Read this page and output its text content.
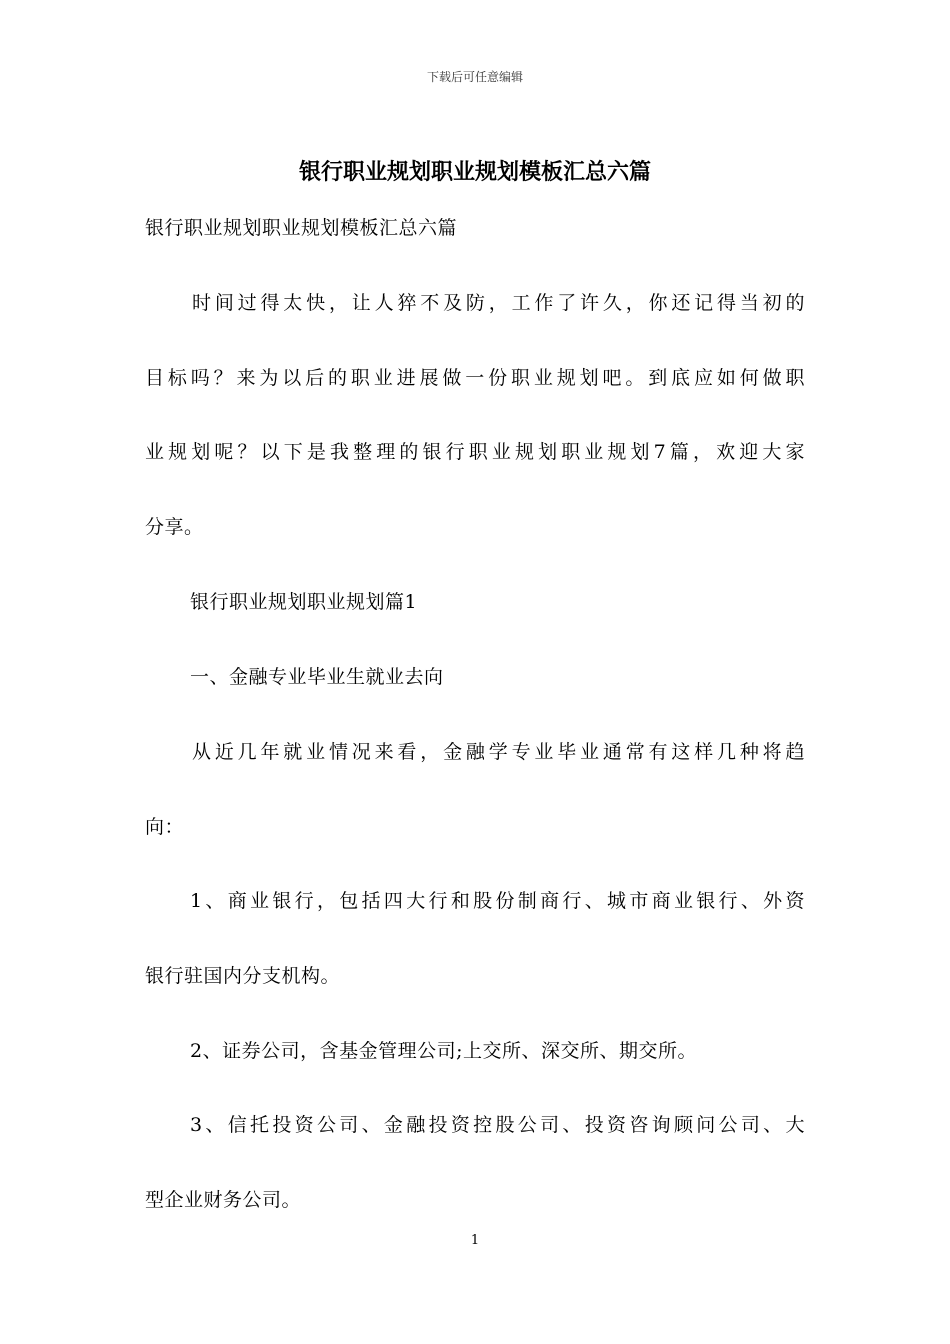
下载后可任意编辑
银行职业规划职业规划模板汇总六篇
银行职业规划职业规划模板汇总六篇
时间过得太快，让人猝不及防，工作了许久，你还记得当初的
目标吗？来为以后的职业进展做一份职业规划吧。到底应如何做职
业规划呢？以下是我整理的银行职业规划职业规划7篇，欢迎大家
分享。
银行职业规划职业规划篇1
一、金融专业毕业生就业去向
从近几年就业情况来看，金融学专业毕业通常有这样几种将趋
向：
1、商业银行，包括四大行和股份制商行、城市商业银行、外资
银行驻国内分支机构。
2、证券公司，含基金管理公司;上交所、深交所、期交所。
3、信托投资公司、金融投资控股公司、投资咨询顾问公司、大
型企业财务公司。
1
